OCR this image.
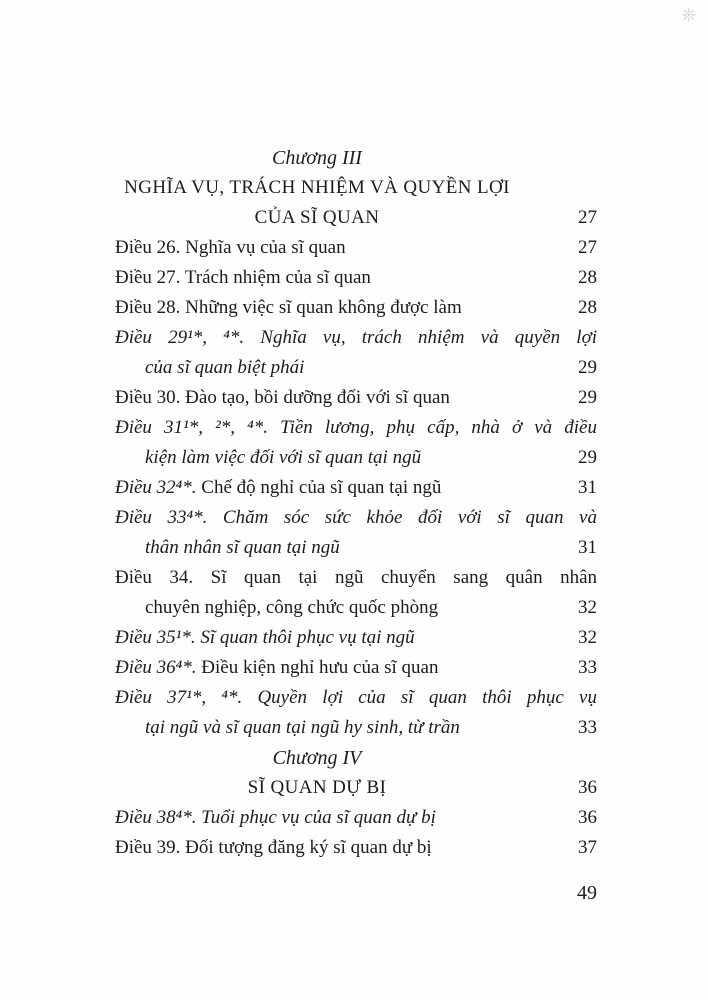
❊
Chương III
NGHĨA VỤ, TRÁCH NHIỆM VÀ QUYỀN LỢI
CỦA SĨ QUAN	27
Điều 26. Nghĩa vụ của sĩ quan	27
Điều 27. Trách nhiệm của sĩ quan	28
Điều 28. Những việc sĩ quan không được làm	28
Điều 29¹*, ⁴*. Nghĩa vụ, trách nhiệm và quyền lợi
của sĩ quan biệt phái	29
Điều 30. Đào tạo, bồi dưỡng đối với sĩ quan	29
Điều 31¹*, ²*, ⁴*. Tiền lương, phụ cấp, nhà ở và điều
kiện làm việc đối với sĩ quan tại ngũ	29
Điều 32⁴*. Chế độ nghỉ của sĩ quan tại ngũ	31
Điều 33⁴*. Chăm sóc sức khỏe đối với sĩ quan và
thân nhân sĩ quan tại ngũ	31
Điều 34. Sĩ quan tại ngũ chuyển sang quân nhân
chuyên nghiệp, công chức quốc phòng	32
Điều 35¹*. Sĩ quan thôi phục vụ tại ngũ	32
Điều 36⁴*. Điều kiện nghỉ hưu của sĩ quan	33
Điều 37¹*, ⁴*. Quyền lợi của sĩ quan thôi phục vụ
tại ngũ và sĩ quan tại ngũ hy sinh, từ trần	33
Chương IV
SĨ QUAN DỰ BỊ	36
Điều 38⁴*. Tuổi phục vụ của sĩ quan dự bị	36
Điều 39. Đối tượng đăng ký sĩ quan dự bị	37
49
